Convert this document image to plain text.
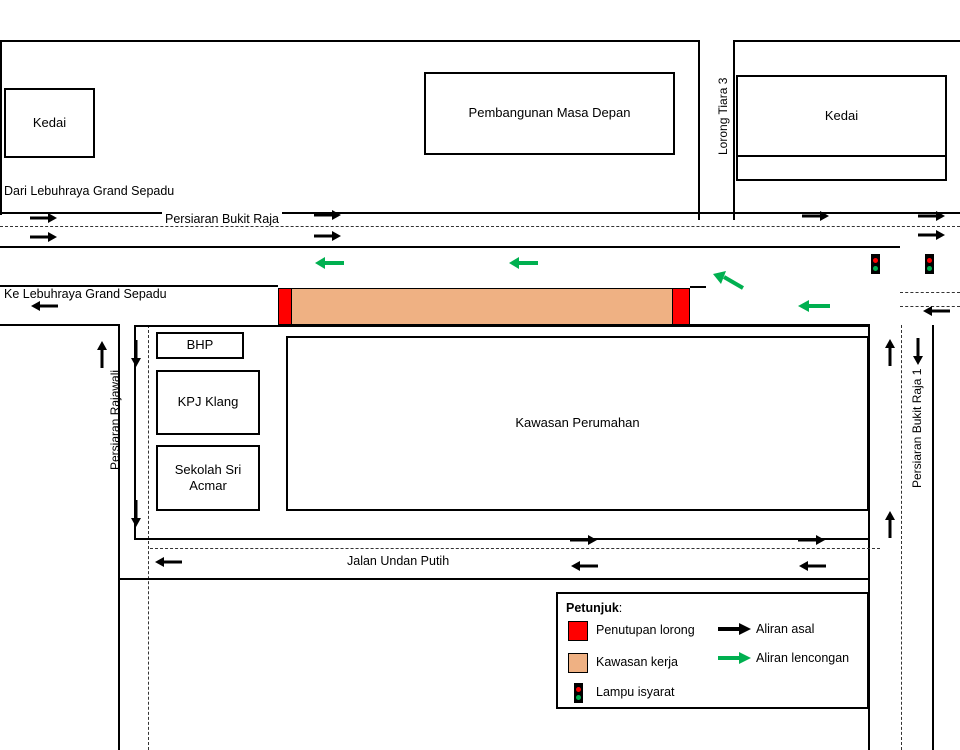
Lorong Tiara 3
Kedai
Pembangunan Masa Depan	Kedai
Dari Lebuhraya Grand Sepadu
Persiaran Bukit Raja
Ke Lebuhraya Grand Sepadu
Persiaran Rajawali	Persiaran Bukit Raja 1
BHP
KPJ Klang
Sekolah Sri Acmar
Kawasan Perumahan
Jalan Undan Putih
Petunjuk:
Penutupan lorong
Kawasan kerja
Lampu isyarat
Aliran asal
Aliran lencongan
